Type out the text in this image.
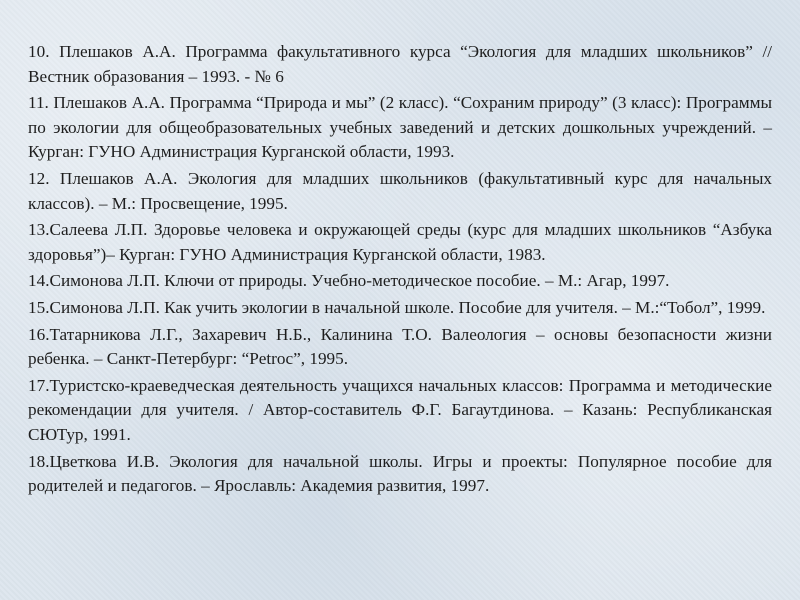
10. Плешаков А.А. Программа факультативного курса “Экология для младших школьников” // Вестник образования – 1993. - № 6

11. Плешаков А.А. Программа “Природа и мы” (2 класс). “Сохраним природу” (3 класс): Программы по экологии для общеобразовательных учебных заведений и детских дошкольных учреждений. – Курган: ГУНО Администрация Курганской области, 1993.

12. Плешаков А.А. Экология для младших школьников (факультативный курс для начальных классов). – М.: Просвещение, 1995.

13.Салеева Л.П. Здоровье человека и окружающей среды (курс для младших школьников “Азбука здоровья”)– Курган: ГУНО Администрация Курганской области, 1983.

14.Симонова Л.П. Ключи от природы. Учебно-методическое пособие. – М.: Агар, 1997.

15.Симонова Л.П. Как учить экологии в начальной школе. Пособие для учителя. – М.:“Тобол”, 1999.

16.Татарникова Л.Г., Захаревич Н.Б., Калинина Т.О. Валеология – основы безопасности жизни ребенка. – Санкт-Петербург: “Petroc”, 1995.

17.Туристско-краеведческая деятельность учащихся начальных классов: Программа и методические рекомендации для учителя. / Автор-составитель Ф.Г. Багаутдинова. – Казань: Республиканская СЮТур, 1991.

18.Цветкова И.В. Экология для начальной школы. Игры и проекты: Популярное пособие для родителей и педагогов. – Ярославль: Академия развития, 1997.
